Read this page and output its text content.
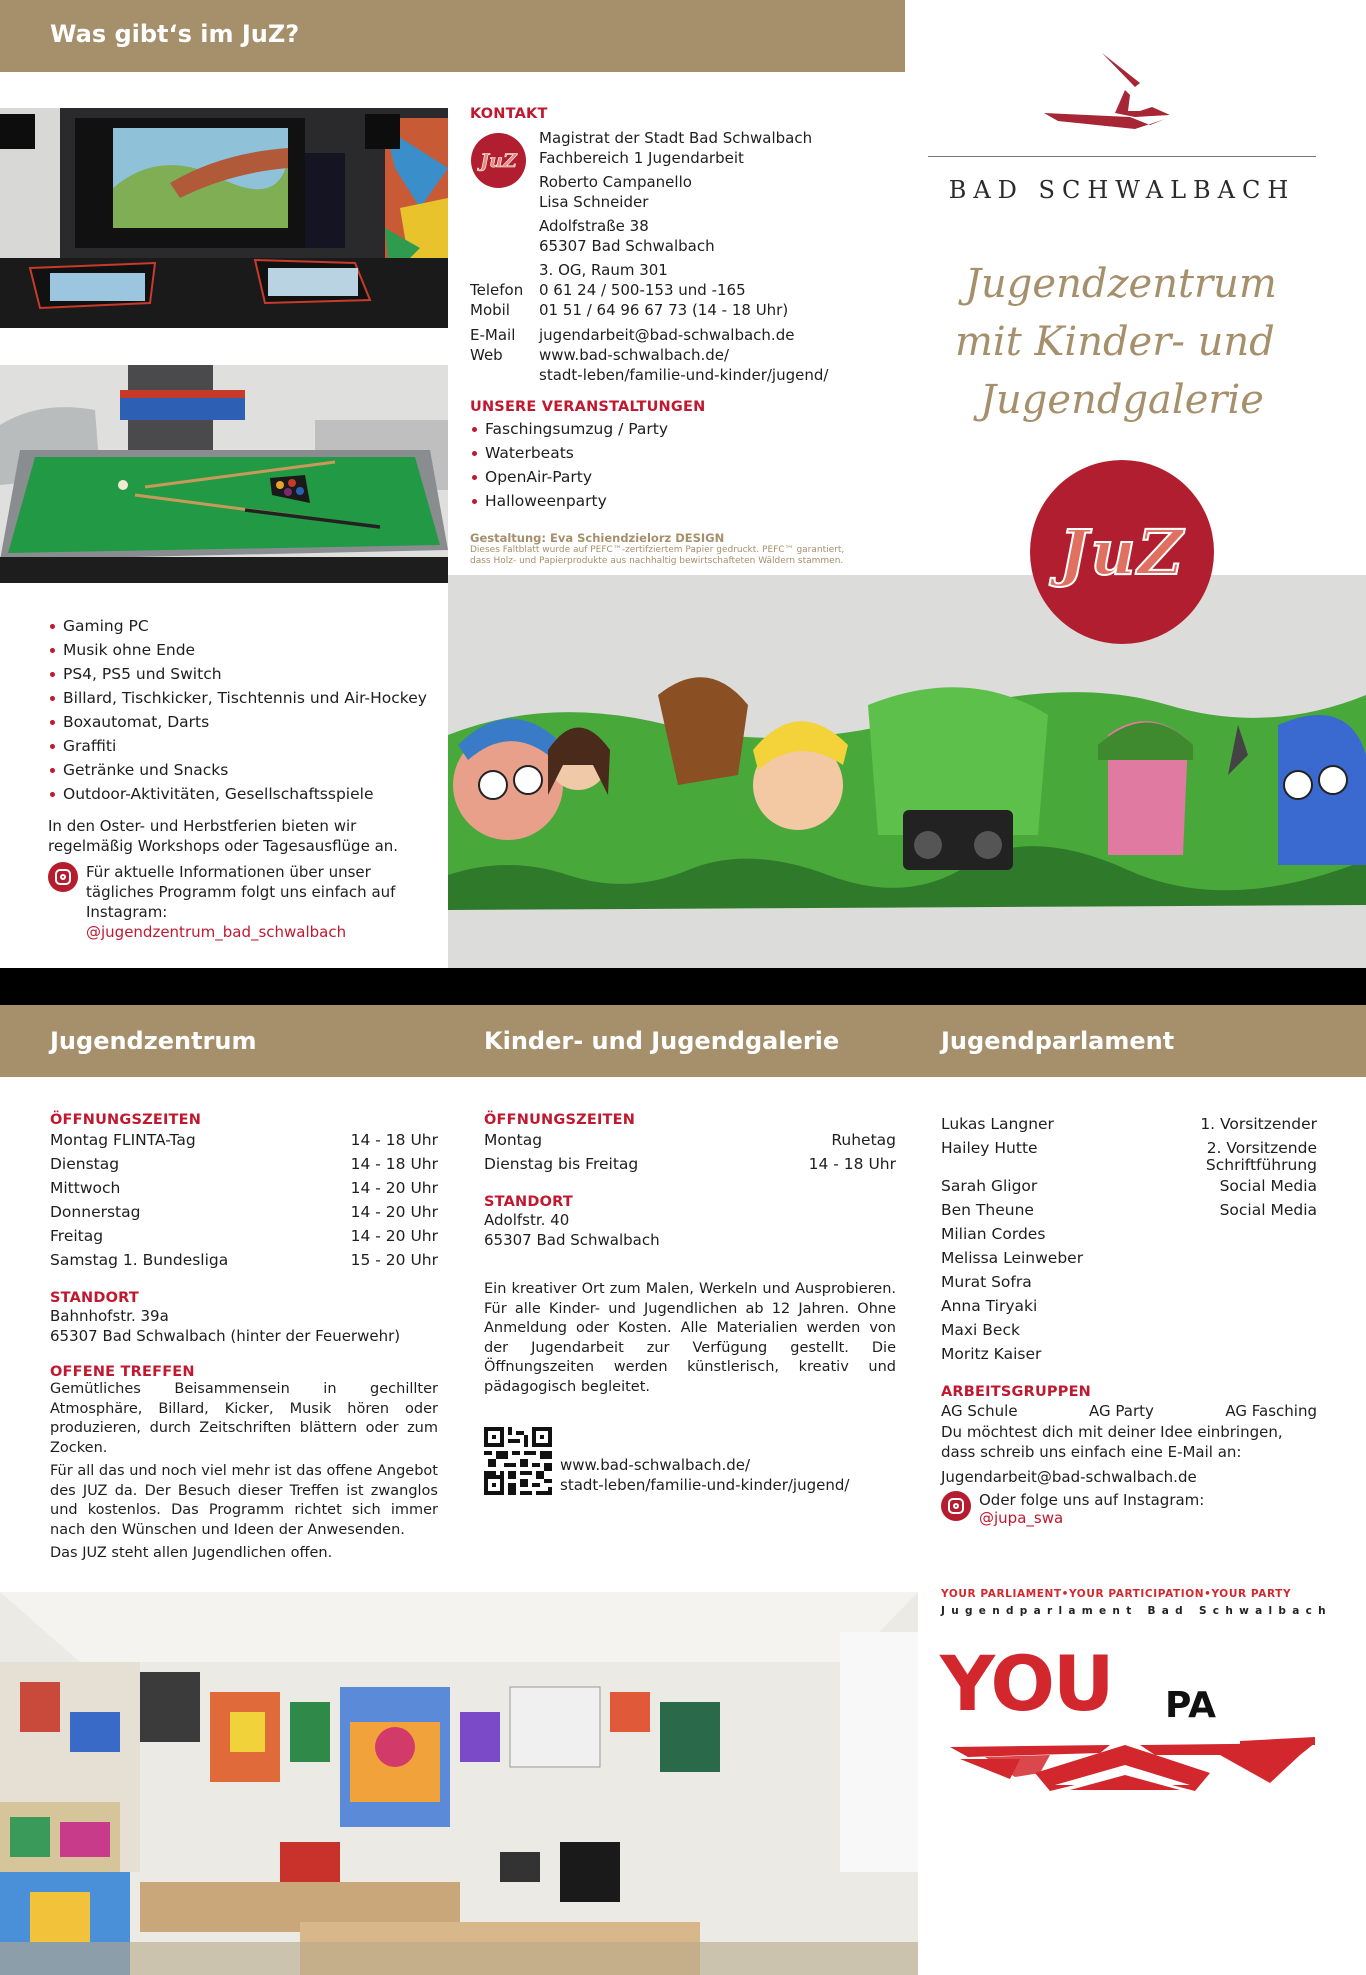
Was gibt‘s im JuZ?
KONTAKT
JuZ
Magistrat der Stadt Bad Schwalbach
Fachbereich 1 Jugendarbeit
Roberto Campanello
Lisa Schneider
Adolfstraße 38
65307 Bad Schwalbach
3. OG, Raum 301
Telefon	0 61 24 / 500-153 und -165
Mobil	01 51 / 64 96 67 73 (14 - 18 Uhr)
E-Mail	jugendarbeit@bad-schwalbach.de
Web	www.bad-schwalbach.de/
stadt-leben/familie-und-kinder/jugend/
UNSERE VERANSTALTUNGEN
Faschingsumzug / Party
Waterbeats
OpenAir-Party
Halloweenparty
Gestaltung: Eva Schiendzielorz DESIGN
Dieses Faltblatt wurde auf PEFC™-zertifziertem Papier gedruckt. PEFC™ garantiert,
dass Holz- und Papierprodukte aus nachhaltig bewirtschafteten Wäldern stammen.
BAD SCHWALBACH
Jugendzentrum
mit Kinder- und
Jugendgalerie
JuZ
Gaming PC
Musik ohne Ende
PS4, PS5 und Switch
Billard, Tischkicker, Tischtennis und Air-Hockey
Boxautomat, Darts
Graffiti
Getränke und Snacks
Outdoor-Aktivitäten, Gesellschaftsspiele
In den Oster- und Herbstferien bieten wir regelmäßig Workshops oder Tagesausflüge an.
Für aktuelle Informationen über unser tägliches Programm folgt uns einfach auf Instagram:
@jugendzentrum_bad_schwalbach
Jugendzentrum	Kinder- und Jugendgalerie	Jugendparlament
ÖFFNUNGSZEITEN
Montag FLINTA-Tag	14 - 18 Uhr
Dienstag	14 - 18 Uhr
Mittwoch	14 - 20 Uhr
Donnerstag	14 - 20 Uhr
Freitag	14 - 20 Uhr
Samstag 1. Bundesliga	15 - 20 Uhr
STANDORT
Bahnhofstr. 39a
65307 Bad Schwalbach (hinter der Feuerwehr)
OFFENE TREFFEN

Gemütliches Beisammensein in gechillter Atmosphäre, Billard, Kicker, Musik hören oder produzieren, durch Zeitschriften blättern oder zum Zocken.

Für all das und noch viel mehr ist das offene Angebot des JUZ da. Der Besuch dieser Treffen ist zwanglos und kostenlos. Das Programm richtet sich immer nach den Wünschen und Ideen der Anwesenden.

Das JUZ steht allen Jugendlichen offen.

ÖFFNUNGSZEITEN
Montag	Ruhetag
Dienstag bis Freitag	14 - 18 Uhr
STANDORT
Adolfstr. 40
65307 Bad Schwalbach

Ein kreativer Ort zum Malen, Werkeln und Ausprobieren. Für alle Kinder- und Jugendlichen ab 12 Jahren. Ohne Anmeldung oder Kosten. Alle Materialien werden von der Jugendarbeit zur Verfügung gestellt. Die Öffnungszeiten werden künstlerisch, kreativ und pädagogisch begleitet.

www.bad-schwalbach.de/
stadt-leben/familie-und-kinder/jugend/
Lukas Langner	1. Vorsitzender
Hailey Hutte	2. Vorsitzende
Schriftführung
Sarah Gligor	Social Media
Ben Theune	Social Media
Milian Cordes
Melissa Leinweber
Murat Sofra
Anna Tiryaki
Maxi Beck
Moritz Kaiser
ARBEITSGRUPPEN
AG Schule	AG Party	AG Fasching
Du möchtest dich mit deiner Idee einbringen, dass schreib uns einfach eine E-Mail an:
Jugendarbeit@bad-schwalbach.de
Oder folge uns auf Instagram:
@jupa_swa
YOUR PARLIAMENT•YOUR PARTICIPATION•YOUR PARTY
Jugendparlament Bad Schwalbach
YOU PA
